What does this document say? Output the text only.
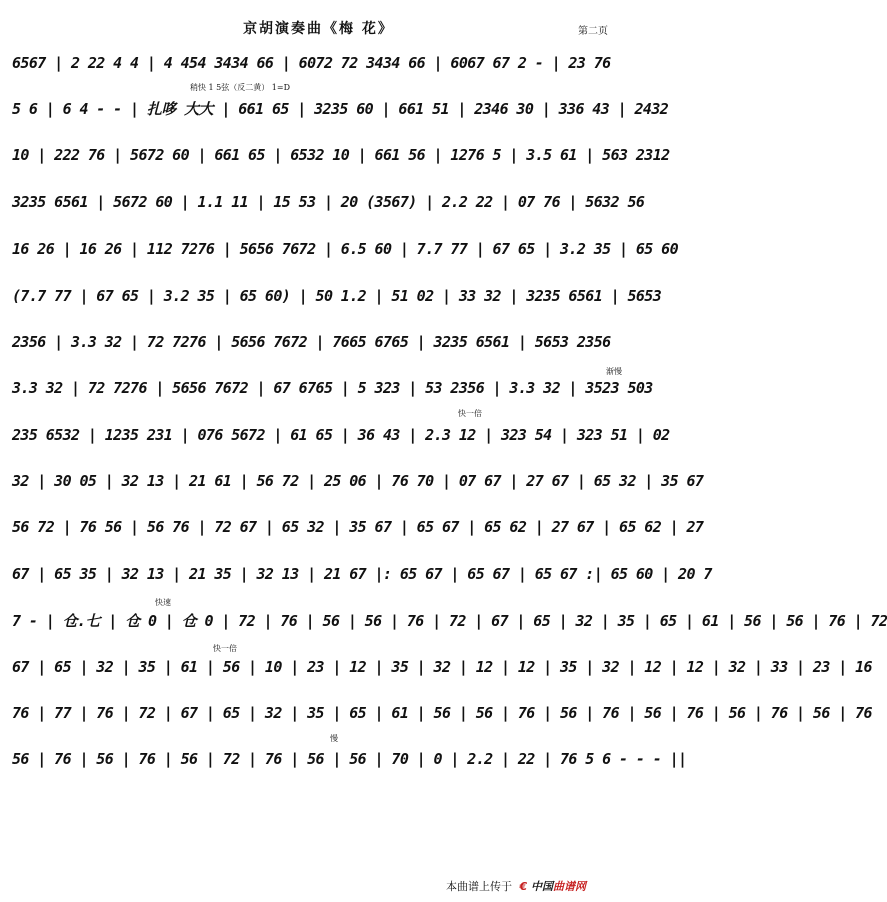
京胡演奏曲《梅 花》	第二页
稍快 1 5弦（反二黄） 1=D
渐慢
快一倍
快速
快一倍
慢
6567 | 2 22 4 4 | 4 454 3434 66 | 6072 72 3434 66 | 6067 67 2 - | 23 76
5 6 | 6 4 - - | 扎哆 大大 | 661 65 | 3235 60 | 661 51 | 2346 30 | 336 43 | 2432
10 | 222 76 | 5672 60 | 661 65 | 6532 10 | 661 56 | 1276 5 | 3.5 61 | 563 2312
3235 6561 | 5672 60 | 1.1 11 | 15 53 | 20 (3567) | 2.2 22 | 07 76 | 5632 56
16 26 | 16 26 | 112 7276 | 5656 7672 | 6.5 60 | 7.7 77 | 67 65 | 3.2 35 | 65 60
(7.7 77 | 67 65 | 3.2 35 | 65 60) | 50 1.2 | 51 02 | 33 32 | 3235 6561 | 5653
2356 | 3.3 32 | 72 7276 | 5656 7672 | 7665 6765 | 3235 6561 | 5653 2356
3.3 32 | 72 7276 | 5656 7672 | 67 6765 | 5 323 | 53 2356 | 3.3 32 | 3523 503
235 6532 | 1235 231 | 076 5672 | 61 65 | 36 43 | 2.3 12 | 323 54 | 323 51 | 02
32 | 30 05 | 32 13 | 21 61 | 56 72 | 25 06 | 76 70 | 07 67 | 27 67 | 65 32 | 35 67
56 72 | 76 56 | 56 76 | 72 67 | 65 32 | 35 67 | 65 67 | 65 62 | 27 67 | 65 62 | 27
67 | 65 35 | 32 13 | 21 35 | 32 13 | 21 67 |: 65 67 | 65 67 | 65 67 :| 65 60 | 20 7
7 - | 仓.七 | 仓 0 | 仓 0 | 72 | 76 | 56 | 56 | 76 | 72 | 67 | 65 | 32 | 35 | 65 | 61 | 56 | 56 | 76 | 72
67 | 65 | 32 | 35 | 61 | 56 | 10 | 23 | 12 | 35 | 32 | 12 | 12 | 35 | 32 | 12 | 12 | 32 | 33 | 23 | 16
76 | 77 | 76 | 72 | 67 | 65 | 32 | 35 | 65 | 61 | 56 | 56 | 76 | 56 | 76 | 56 | 76 | 56 | 76 | 56 | 76
56 | 76 | 56 | 76 | 56 | 72 | 76 | 56 | 56 | 70 | 0 | 2.2 | 22 | 76 5 6 - - - ||
本曲谱上传于 € 中国曲谱网
